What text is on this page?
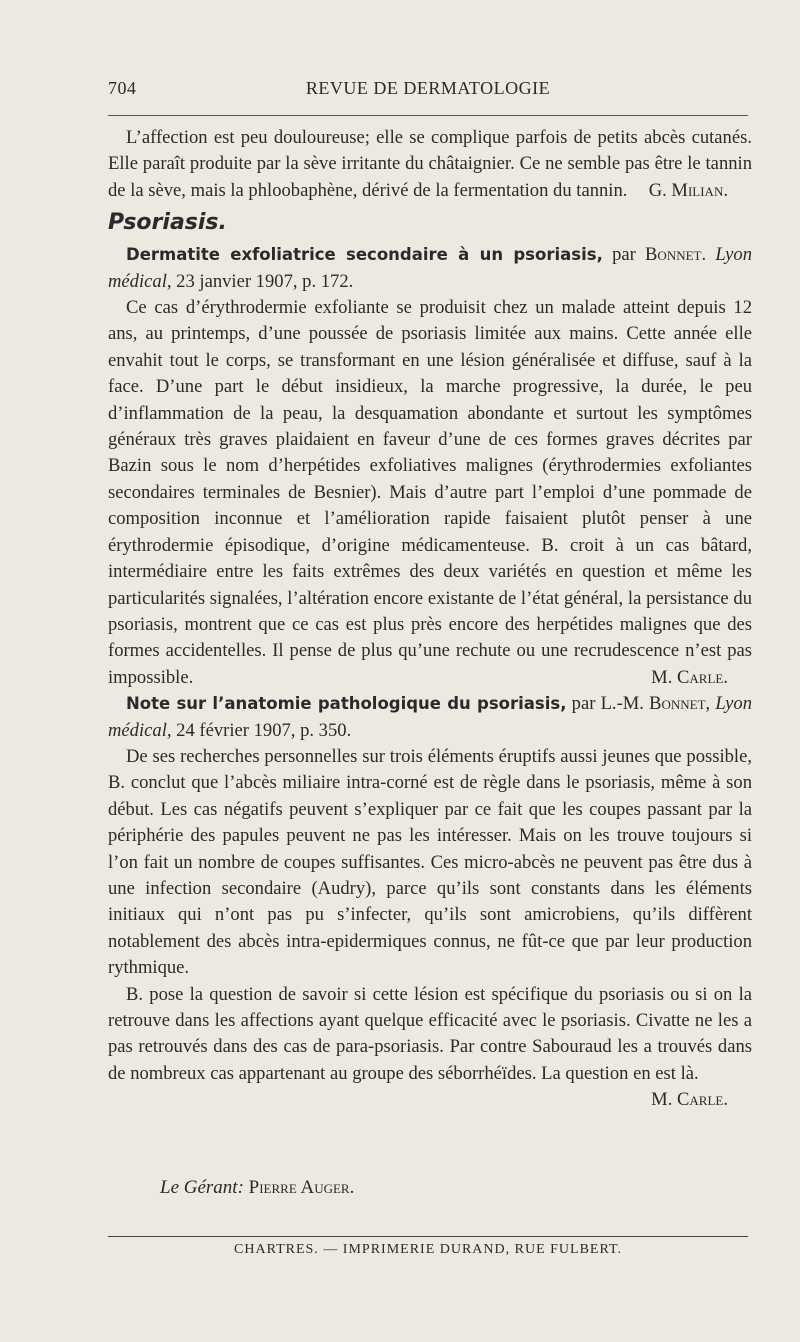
704	REVUE DE DERMATOLOGIE

L’affection est peu douloureuse; elle se complique parfois de petits abcès cutanés. Elle paraît produite par la sève irritante du châtaignier. Ce ne semble pas être le tannin de la sève, mais la phloobaphène, dérivé de la fermentation du tannin.	G. Milian.

Psoriasis.

Dermatite exfoliatrice secondaire à un psoriasis, par Bonnet. Lyon médical, 23 janvier 1907, p. 172.

Ce cas d’érythrodermie exfoliante se produisit chez un malade atteint depuis 12 ans, au printemps, d’une poussée de psoriasis limitée aux mains. Cette année elle envahit tout le corps, se transformant en une lésion généralisée et diffuse, sauf à la face. D’une part le début insidieux, la marche progressive, la durée, le peu d’inflammation de la peau, la desquamation abondante et surtout les symptômes généraux très graves plaidaient en faveur d’une de ces formes graves décrites par Bazin sous le nom d’herpétides exfoliatives malignes (érythrodermies exfoliantes secondaires terminales de Besnier). Mais d’autre part l’emploi d’une pommade de composition inconnue et l’amélioration rapide faisaient plutôt penser à une érythrodermie épisodique, d’origine médicamenteuse. B. croit à un cas bâtard, intermédiaire entre les faits extrêmes des deux variétés en question et même les particularités signalées, l’altération encore existante de l’état général, la persistance du psoriasis, montrent que ce cas est plus près encore des herpétides malignes que des formes accidentelles. Il pense de plus qu’une rechute ou une recrudescence n’est pas impossible.	M. Carle.

Note sur l’anatomie pathologique du psoriasis, par L.-M. Bonnet, Lyon médical, 24 février 1907, p. 350.

De ses recherches personnelles sur trois éléments éruptifs aussi jeunes que possible, B. conclut que l’abcès miliaire intra-corné est de règle dans le psoriasis, même à son début. Les cas négatifs peuvent s’expliquer par ce fait que les coupes passant par la périphérie des papules peuvent ne pas les intéresser. Mais on les trouve toujours si l’on fait un nombre de coupes suffisantes. Ces micro-abcès ne peuvent pas être dus à une infection secondaire (Audry), parce qu’ils sont constants dans les éléments initiaux qui n’ont pas pu s’infecter, qu’ils sont amicrobiens, qu’ils diffèrent notablement des abcès intra-epidermiques connus, ne fût-ce que par leur production rythmique.

B. pose la question de savoir si cette lésion est spécifique du psoriasis ou si on la retrouve dans les affections ayant quelque efficacité avec le psoriasis. Civatte ne les a pas retrouvés dans des cas de para-psoriasis. Par contre Sabouraud les a trouvés dans de nombreux cas appartenant au groupe des séborrhéïdes. La question en est là.
M. Carle.

Le Gérant: Pierre Auger.
CHARTRES. — IMPRIMERIE DURAND, RUE FULBERT.
